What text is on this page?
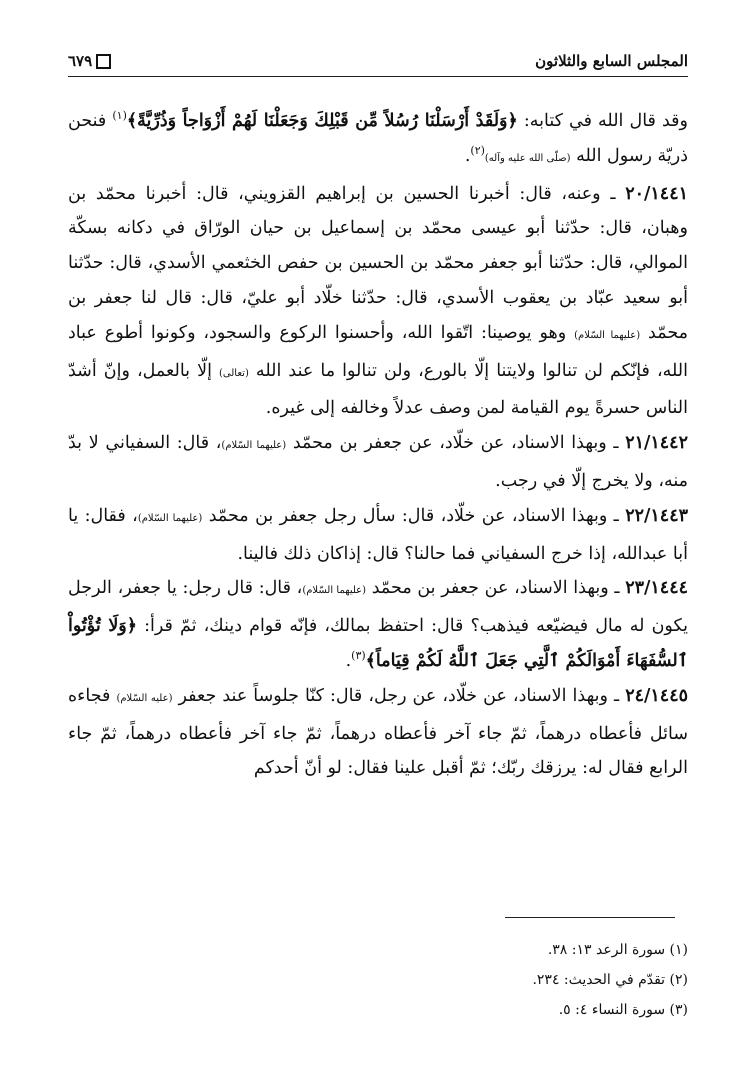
المجلس السابع والثلاثون
٦٧٩

وقد قال الله في كتابه: ﴿وَلَقَدْ أَرْسَلْنَا رُسُلاً مِّن قَبْلِكَ وَجَعَلْنَا لَهُمْ أَزْوَاجاً وَذُرِّيَّةً﴾$^{(١)}$ فنحن ذريّة رسول الله (صلّى الله عليه وآله)$^{(٢)}$.

٢٠/١٤٤١ ـ وعنه، قال: أخبرنا الحسين بن إبراهيم القزويني، قال: أخبرنا محمّد بن وهبان، قال: حدّثنا أبو عيسى محمّد بن إسماعيل بن حيان الورّاق في دكانه بسكّة الموالي، قال: حدّثنا أبو جعفر محمّد بن الحسين بن حفص الخثعمي الأسدي، قال: حدّثنا أبو سعيد عبّاد بن يعقوب الأسدي، قال: حدّثنا خلّاد أبو عليّ، قال: قال لنا جعفر بن محمّد (عليهما السّلام) وهو يوصينا: اتّقوا الله، وأحسنوا الركوع والسجود، وكونوا أطوع عباد الله، فإنّكم لن تنالوا ولايتنا إلّا بالورع، ولن تنالوا ما عند الله (تعالى) إلّا بالعمل، وإنّ أشدّ الناس حسرةً يوم القيامة لمن وصف عدلاً وخالفه إلى غيره.

٢١/١٤٤٢ ـ وبهذا الاسناد، عن خلّاد، عن جعفر بن محمّد (عليهما السّلام)، قال: السفياني لا بدّ منه، ولا يخرج إلّا في رجب.

٢٢/١٤٤٣ ـ وبهذا الاسناد، عن خلّاد، قال: سأل رجل جعفر بن محمّد (عليهما السّلام)، فقال: يا أبا عبدالله، إذا خرج السفياني فما حالنا؟ قال: إذاكان ذلك فالينا.

٢٣/١٤٤٤ ـ وبهذا الاسناد، عن جعفر بن محمّد (عليهما السّلام)، قال: قال رجل: يا جعفر، الرجل يكون له مال فيضيّعه فيذهب؟ قال: احتفظ بمالك، فإنّه قوام دينك، ثمّ قرأ: ﴿وَلَا تُؤْتُواْ ٱلسُّفَهَاءَ أَمْوَالَكُمْ ٱلَّتِي جَعَلَ ٱللَّهُ لَكُمْ قِيَاماً﴾$^{(٣)}$.

٢٤/١٤٤٥ ـ وبهذا الاسناد، عن خلّاد، عن رجل، قال: كنّا جلوساً عند جعفر (عليه السّلام) فجاءه سائل فأعطاه درهماً، ثمّ جاء آخر فأعطاه درهماً، ثمّ جاء آخر فأعطاه درهماً، ثمّ جاء الرابع فقال له: يرزقك ربّك؛ ثمّ أقبل علينا فقال: لو أنّ أحدكم

(١) سورة الرعد ١٣: ٣٨.

(٢) تقدّم في الحديث: ٢٣٤.

(٣) سورة النساء ٤: ٥.
